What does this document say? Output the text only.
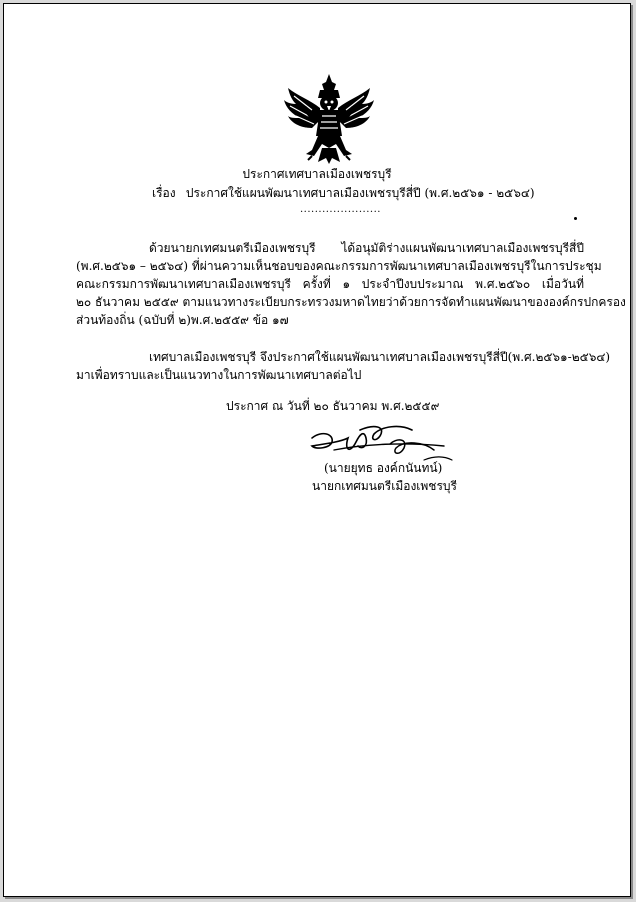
ประกาศเทศบาลเมืองเพชรบุรี
เรื่อง ประกาศใช้แผนพัฒนาเทศบาลเมืองเพชรบุรีสี่ปี (พ.ศ.๒๕๖๑ - ๒๕๖๔)
......................
ด้วยนายกเทศมนตรีเมืองเพชรบุรี ได้อนุมัติร่างแผนพัฒนาเทศบาลเมืองเพชรบุรีสี่ปี
(พ.ศ.๒๕๖๑ – ๒๕๖๔) ที่ผ่านความเห็นชอบของคณะกรรมการพัฒนาเทศบาลเมืองเพชรบุรีในการประชุม
คณะกรรมการพัฒนาเทศบาลเมืองเพชรบุรี ครั้งที่ ๑ ประจำปีงบประมาณ พ.ศ.๒๕๖๐ เมื่อวันที่
๒๐ ธันวาคม ๒๕๕๙ ตามแนวทางระเบียบกระทรวงมหาดไทยว่าด้วยการจัดทำแผนพัฒนาขององค์กรปกครอง
ส่วนท้องถิ่น (ฉบับที่ ๒)พ.ศ.๒๕๕๙ ข้อ ๑๗
เทศบาลเมืองเพชรบุรี จึงประกาศใช้แผนพัฒนาเทศบาลเมืองเพชรบุรีสี่ปี(พ.ศ.๒๕๖๑-๒๕๖๔)
มาเพื่อทราบและเป็นแนวทางในการพัฒนาเทศบาลต่อไป
ประกาศ ณ วันที่ ๒๐ ธันวาคม พ.ศ.๒๕๕๙
(นายยุทธ องค์กนันทน์)
นายกเทศมนตรีเมืองเพชรบุรี
